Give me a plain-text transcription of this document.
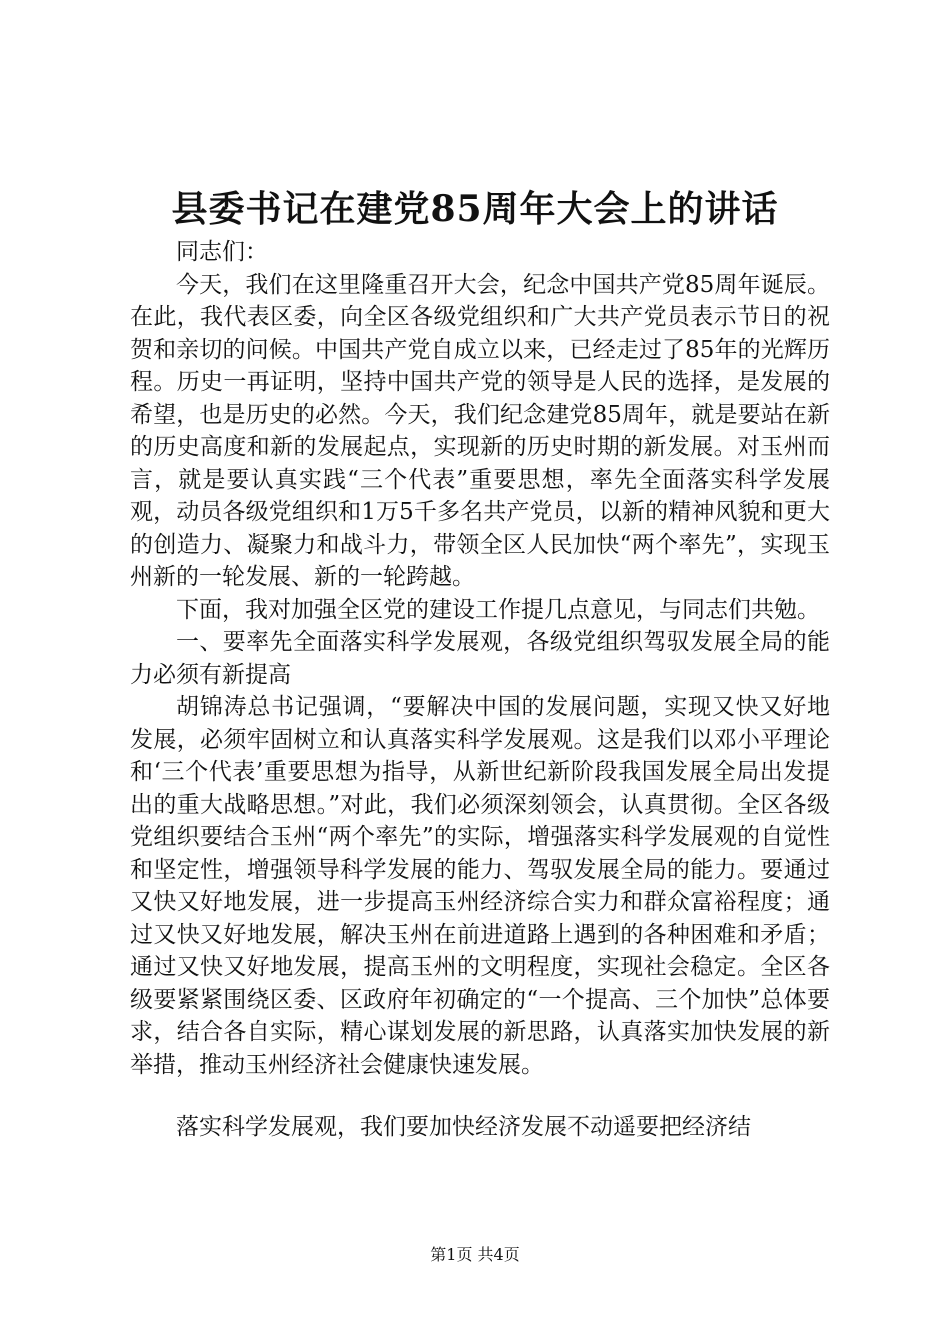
县委书记在建党85周年大会上的讲话

同志们：

今天，我们在这里隆重召开大会，纪念中国共产党85周年诞辰。在此，我代表区委，向全区各级党组织和广大共产党员表示节日的祝贺和亲切的问候。中国共产党自成立以来，已经走过了85年的光辉历程。历史一再证明，坚持中国共产党的领导是人民的选择，是发展的希望，也是历史的必然。今天，我们纪念建党85周年，就是要站在新的历史高度和新的发展起点，实现新的历史时期的新发展。对玉州而言，就是要认真实践“三个代表”重要思想，率先全面落实科学发展观，动员各级党组织和1万5千多名共产党员，以新的精神风貌和更大的创造力、凝聚力和战斗力，带领全区人民加快“两个率先”，实现玉州新的一轮发展、新的一轮跨越。

下面，我对加强全区党的建设工作提几点意见，与同志们共勉。

一、要率先全面落实科学发展观，各级党组织驾驭发展全局的能力必须有新提高

胡锦涛总书记强调，“要解决中国的发展问题，实现又快又好地发展，必须牢固树立和认真落实科学发展观。这是我们以邓小平理论和‘三个代表’重要思想为指导，从新世纪新阶段我国发展全局出发提出的重大战略思想。”对此，我们必须深刻领会，认真贯彻。全区各级党组织要结合玉州“两个率先”的实际，增强落实科学发展观的自觉性和坚定性，增强领导科学发展的能力、驾驭发展全局的能力。要通过又快又好地发展，进一步提高玉州经济综合实力和群众富裕程度；通过又快又好地发展，解决玉州在前进道路上遇到的各种困难和矛盾；通过又快又好地发展，提高玉州的文明程度，实现社会稳定。全区各级要紧紧围绕区委、区政府年初确定的“一个提高、三个加快”总体要求，结合各自实际，精心谋划发展的新思路，认真落实加快发展的新举措，推动玉州经济社会健康快速发展。

落实科学发展观，我们要加快经济发展不动遥要把经济结

第1页 共4页
